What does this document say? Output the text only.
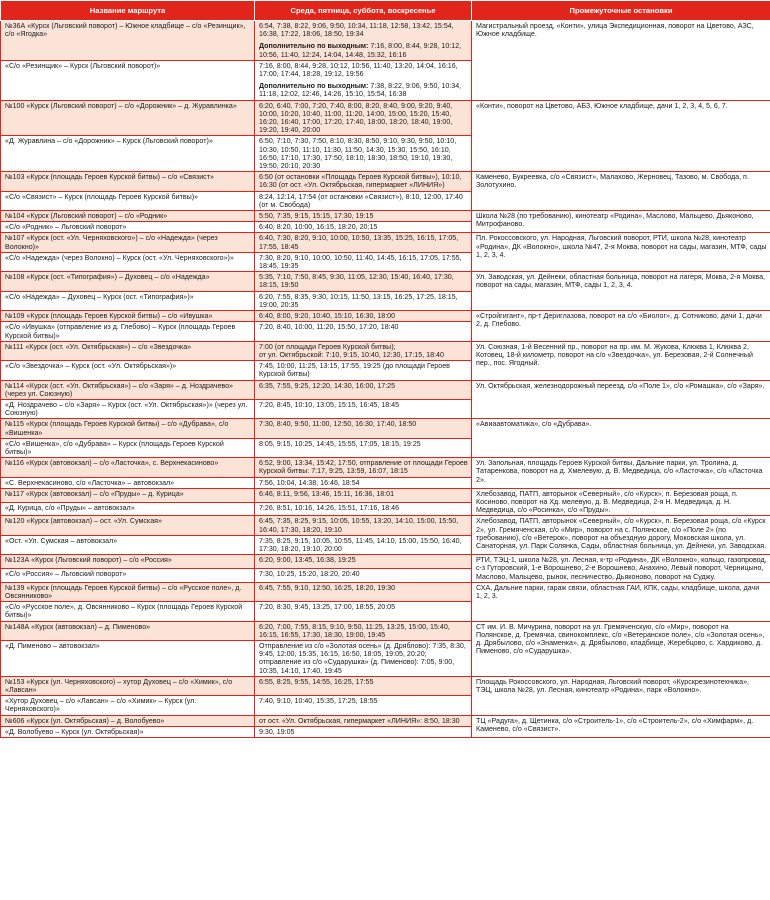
Название маршрута	Среда, пятница, суббота, воскресенье	Промежуточные остановки
№36А «Курск (Льговский поворот) – Южное кладбище – с/о «Резинщик», с/о «Ягодка»	6:54, 7:38, 8:22, 9:06, 9:50, 10:34, 11:18, 12:58, 13:42, 15:54, 16:38, 17:22, 18:06, 18:50, 19:34
Дополнительно по выходным: 7:16, 8:00, 8:44, 9:28, 10:12, 10:56, 11:40, 12:24, 14:04, 14:48, 15:32, 16:16	Магистральный проезд, «Конти», улица Экспедиционная, поворот на Цветово, АЗС, Южное кладбище.
«С/о «Резинщик» – Курск (Льговский поворот)»	7:16, 8:00, 8:44, 9:28, 10:12, 10:56, 11:40, 13:20, 14:04, 16:16, 17:00, 17:44, 18:28, 19:12, 19:56
Дополнительно по выходным: 7:38, 8:22, 9:06, 9:50, 10:34, 11:18, 12:02, 12:46, 14:26, 15:10, 15:54, 16:38	

№100 «Курск (Льговский поворот) – с/о «Дорожник» – д. Журавлинка»	6:20, 6:40, 7:00, 7:20, 7:40, 8:00, 8:20, 8:40, 9:00, 9:20, 9:40, 10:00, 10:20, 10:40, 11:00, 11:20, 14:00, 15:00, 15:20, 15:40, 16:20, 16:40, 17:00, 17:20, 17:40, 18:00, 18:20, 18:40, 19:00, 19:20, 19:40, 20:00	«Конти», поворот на Цветово, АБЗ, Южное кладбище, дачи 1, 2, 3, 4, 5, 6, 7.
«Д. Журавлина – с/о «Дорожник» – Курск (Льговский поворот)»	6:50, 7:10, 7:30, 7:50, 8:10, 8:30, 8:50, 9:10, 9:30, 9:50, 10:10, 10:30, 10:50, 11:10, 11:30, 11:50, 14:30, 15:30, 15:50, 16:10, 16:50, 17:10, 17:30, 17:50, 18:10, 18:30, 18:50, 19:10, 19:30, 19:50, 20:10, 20:30	

№103 «Курск (площадь Героев Курской битвы) – с/о «Связист»	6:50 (от остановки «Площадь Героев Курской битвы»), 10:10, 16:30 (от ост. «Ул. Октябрьская, гипермаркет «ЛИНИЯ»)	Каменево, Букреевка, с/о «Связист», Малахово, Жерновец, Тазово, м. Свобода, п. Золотухино.
«С/о «Связист» – Курск (площадь Героев Курской битвы)»	8:24, 12:14, 17:54 (от остановки «Связист»), 8:10, 12:00, 17:40 (от м. Свобода)	

№104 «Курск (Льговский поворот) – с/о «Родник»	5:50, 7:35, 9:15, 15:15, 17:30, 19:15	Школа №28 (по требованию), кинотеатр «Родина», Маслово, Мальцево, Дьяконово, Митрофаново.
«С/о «Родник» – Льговский поворот»	6:40, 8:20, 10:00, 16:15, 18:20, 20:15	

№107 «Курск (ост. «Ул. Черняховского») – с/о «Надежда» (через Волокно)»	6:40, 7:30, 8:20, 9:10, 10:00, 10:50, 13:35, 15:25, 16:15, 17:05, 17:55, 18:45	Пл. Рокоссовского, ул. Народная, Льговский поворот, РТИ, школа №28, кинотеатр «Родина», ДК «Волокно», школа №47, 2-я Моква, поворот на сады, магазин, МТФ, сады 1, 2, 3, 4.
«С/о «Надежда» (через Волокно) – Курск (ост. «Ул. Черняховского»)»	7:30, 8:20, 9:10, 10:00, 10:50, 11:40, 14:45, 16:15, 17:05, 17:55, 18:45, 19:35	

№108 «Курск (ост. «Типография») – Духовец – с/о «Надежда»	5:35, 7:10, 7:50, 8:45, 9:30, 11:05, 12:30, 15:40, 16:40, 17:30, 18:15, 19:50	Ул. Заводская, ул. Дейнеки, областная больница, поворот на лагеря, Моква, 2-я Моква, поворот на сады, магазин, МТФ, сады 1, 2, 3, 4.
«С/о «Надежда» – Духовец – Курск (ост. «Типография»)»	6:20, 7:55, 8:35, 9:30, 10:15, 11:50, 13:15, 16:25, 17:25, 18:15, 19:00, 20:35	

№109 «Курск (площадь Героев Курской битвы) – с/о «Ивушка»	6:40, 8:00, 9:20, 10:40, 15:10, 16:30, 18:00	«Стройгигант», пр-т Дериглазова, поворот на с/о «Биолог», д. Сотниково, дачи 1, дачи 2, д. Глебово.
«С/о «Ивушка» (отправление из д. Глебово) – Курск (площадь Героев Курской битвы)»	7:20, 8:40, 10:00, 11:20, 15:50, 17:20, 18:40	

№111 «Курск (ост. «Ул. Октябрьская») – с/о «Звездочка»	7:00 (от площади Героев Курской битвы);
от ул. Октябрьской: 7:10, 9:15, 10:40, 12:30, 17:15, 18:40	Ул. Союзная, 1-й Весенний пр., поворот на пр. им. М. Жукова, Клюква 1, Клюква 2, Котовец, 18-й километр, поворот на с/о «Звездочка», ул. Березовая, 2-й Солнечный пер., пос. Ягодный.
«С/о «Звездочка» – Курск (ост. «Ул. Октябрьская»)»	7:45, 10:00, 11:25, 13:15, 17:55, 19:25 (до площади Героев Курской битвы)	

№114 «Курск (ост. «Ул. Октябрьская») – с/о «Заря» – д. Ноздрачево» (через ул. Союзную)	6:35, 7:55, 9:25, 12:20, 14:30, 16:00, 17:25	Ул. Октябрьская, железнодорожный переезд, с/о «Поле 1», с/о «Ромашка», с/о «Заря».
«Д. Ноздрачево – с/о «Заря» – Курск (ост. «Ул. Октябрьская»)» (через ул. Союзную)	7:20, 8:45, 10:10, 13:05, 15:15, 16:45, 18:45	

№115 «Курск (площадь Героев Курской битвы) – с/о «Дубрава», с/о «Вишенка»	7:30, 8:40, 9:50, 11:00, 12:50, 16:30, 17:40, 18:50	«Авиаавтоматика», с/о «Дубрава».
«С/о «Вишенка», с/о «Дубрава» – Курск (площадь Героев Курской битвы)»	8:05, 9:15, 10:25, 14:45, 15:55, 17:05, 18:15, 19:25	

№116 «Курск (автовокзал) – с/о «Ласточка», с. Верхнекасиново»	6:52, 9:00, 13:34, 15:42, 17:50, отправление от площади Героев Курской битвы: 7:17, 9:25, 13:59, 16:07, 18:15	Ул. Запольная, площадь Героев Курской битвы, Дальние парки, ул. Тролина, д. Татаренкова, поворот на д. Хмелевую, д. В. Медведица, с/о «Ласточка», с/о «Ласточка 2».
«С. Верхнекасиново, с/о «Ласточка» – автовокзал»	7:56, 10:04, 14:38, 16:46, 18:54	

№117 «Курск (автовокзал) – с/о «Пруды» – д. Курица»	6:46, 8:11, 9:56, 13:46, 15:11, 16:36, 18:01	Хлебозавод, ПАТП, авторынок «Северный», с/о «Курск», п. Березовая роща, п. Косиново, поворот на Хд. мелевую, д. В. Медведица, 2-я Н. Медведица, д. Н. Медведица, с/о «Росинка», с/о «Пруды».
«Д. Курица, с/о «Пруды» – автовокзал»	7:26, 8:51, 10:16, 14:26, 15:51, 17:16, 18:46	

№120 «Курск (автовокзал) – ост. «Ул. Сумская»	6:45, 7:35, 8:25, 9:15, 10:05, 10:55, 13:20, 14:10, 15:00, 15:50, 16:40, 17:30, 18:20, 19:10	Хлебозавод, ПАТП, авторынок «Северный», с/о «Курск», п. Березовая роща, с/о «Курск 2», ул. Гремяченская, с/о «Мир», поворот на с. Полянское, с/о «Поле 2» (по требованию), с/о «Ветерок», поворот на объездную дорогу, Моковская школа, ул. Санаторная, ул. Парк Солянка, Сады, областная больница, ул. Дейнеки, ул. Заводская.
«Ост. «Ул. Сумская – автовокзал»	7:35, 8:25, 9:15, 10:05, 10:55, 11:45, 14:10, 15:00, 15:50, 16:40, 17:30, 18:20, 19:10, 20:00	

№123А «Курск (Льговский поворот) – с/о «Россия»	6:20, 9:00, 13:45, 16:38, 19:25	РТИ, ТЭЦ-1, школа №28, ул. Лесная, к-тр «Родина», ДК «Волокно», кольцо, газопровод, с-з Гуторовский, 1-е Ворошнево, 2-е Ворошнево, Анахино, Левый поворот, Черницыно, Маслово, Мальцево, рынок, лесничество, Дьяконово, поворот на Суджу.
«С/о «Россия» – Льговский поворот»	7:30, 10:25, 15:20, 18:20, 20:40	

№139 «Курск (площадь Героев Курской битвы) – с/о «Русское поле», д. Овсянниково»	6:45, 7:55, 9:10, 12:50, 16:25, 18:20, 19:30	СХА, Дальние парки, гараж связи, областная ГАИ, КПК, сады, кладбище, школа, дачи 1, 2, 3.
«С/о «Русское поле», д. Овсянниково – Курск (площадь Героев Курской битвы)»	7:20, 8:30, 9:45, 13:25, 17:00, 18:55, 20:05	

№148А «Курск (автовокзал) – д. Пименово»	6:20, 7:00, 7:55, 8:15, 9:10, 9:50, 11:25, 13:25, 15:00, 15:40, 16:15, 16:55, 17:30, 18:30, 19:00, 19:45	СТ им. И. В. Мичурина, поворот на ул. Гремяченскую, с/о «Мир», поворот на Полянское, д. Гремячка, свинокомплекс, с/о «Ветеранское поле», с/о «Золотая осень», д. Дрябылово, с/о «Знаменка», д. Дрябылово, кладбище, Жеребцово, с. Хардиково, д. Пименово, с/о «Сударушка».
«Д. Пименово – автовокзал»	Отправление из с/о «Золотая осень» (д. Дряблово): 7:35, 8:30, 9:45, 12:00, 15:35, 16:15, 16:50, 18:05, 19:05, 20:20; отправление из с/о «Сударушка» (д. Пименово): 7:05, 9:00, 10:35, 14:10, 17:40, 19:45	

№153 «Курск (ул. Черняховского) – хутор Духовец – с/о «Химик», с/о «Лавсан»	6:55, 8:25, 9:55, 14:55, 16:25, 17:55	Площадь Рокоссовского, ул. Народная, Льговский поворот, «Курскрезинотехника», ТЭЦ, школа №28, ул. Лесная, кинотеатр «Родина», парк «Волокно».
«Хутор Духовец – с/о «Лавсан» – с/о «Химик» – Курск (ул. Черняховского)»	7:40, 9:10, 10:40, 15:35, 17:25, 18:55	

№606 «Курск (ул. Октябрьская) – д. Волобуево»	от ост. «Ул. Октябрьская, гипермаркет «ЛИНИЯ»: 8:50, 18:30	ТЦ «Радуга», д. Щетинка, с/о «Строитель-1», с/о «Строитель-2», с/о «Химфарм», д. Каменево, с/о «Связист».
«Д. Волобуево – Курск (ул. Октябрьская)»	9:30, 19:05	
